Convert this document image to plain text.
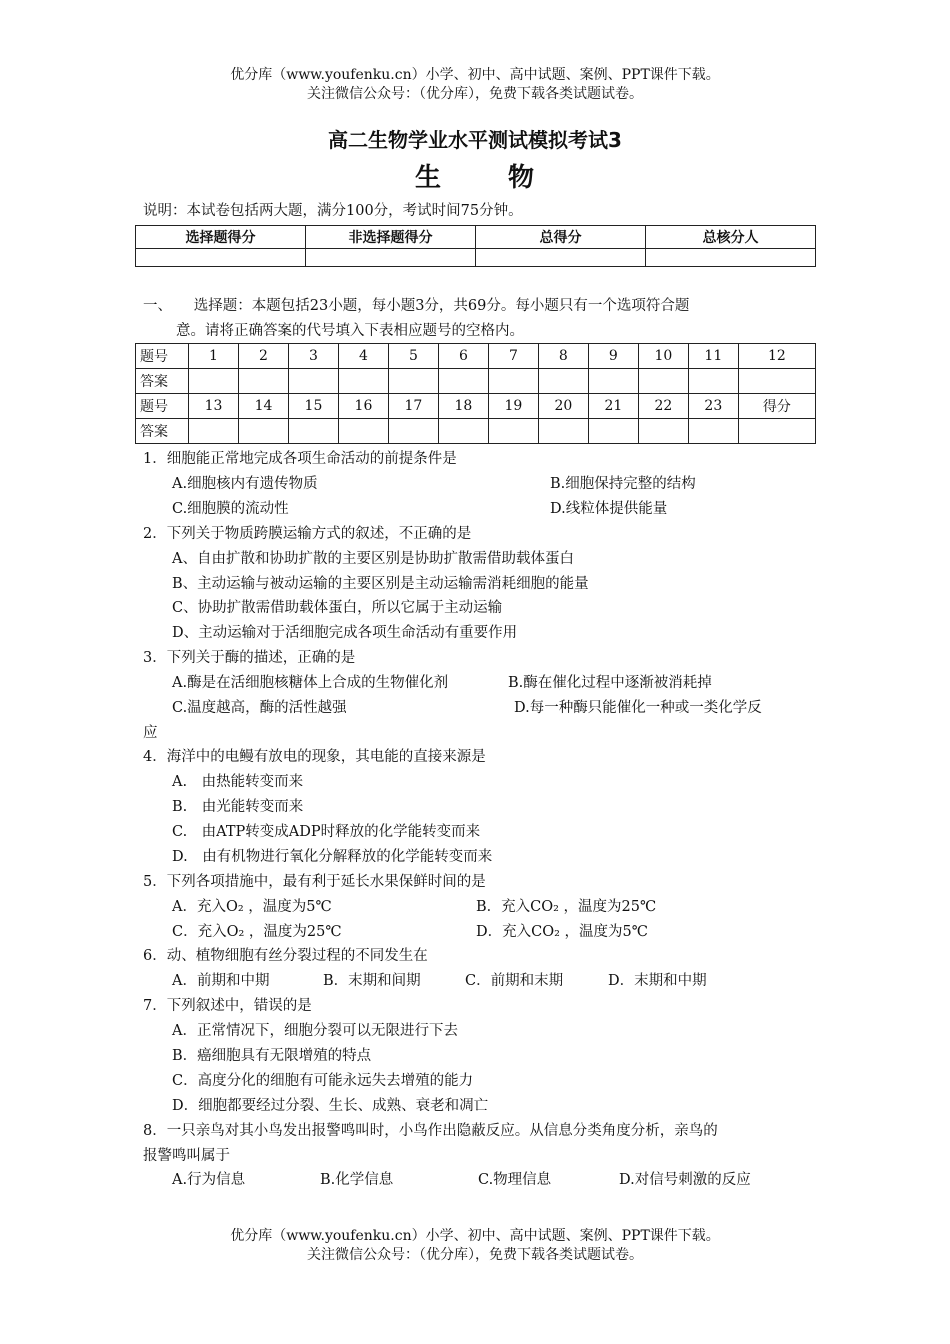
优分库（www.youfenku.cn）小学、初中、高中试题、案例、PPT课件下载。
关注微信公众号：（优分库），免费下载各类试题试卷。
高二生物学业水平测试模拟考试3
生	物
说明：本试卷包括两大题，满分100分，考试时间75分钟。
选择题得分	非选择题得分	总得分	总核分人

一、　　选择题：本题包括23小题，每小题3分，共69分。每小题只有一个选项符合题
意。请将正确答案的代号填入下表相应题号的空格内。
题号	1	2	3	4	5	6	7	8	9	10	11	12
答案												
题号	13	14	15	16	17	18	19	20	21	22	23	得分
答案												
1．细胞能正常地完成各项生命活动的前提条件是
A.细胞核内有遗传物质	B.细胞保持完整的结构
C.细胞膜的流动性	D.线粒体提供能量
2．下列关于物质跨膜运输方式的叙述，不正确的是
A、自由扩散和协助扩散的主要区别是协助扩散需借助载体蛋白
B、主动运输与被动运输的主要区别是主动运输需消耗细胞的能量
C、协助扩散需借助载体蛋白，所以它属于主动运输
D、主动运输对于活细胞完成各项生命活动有重要作用
3．下列关于酶的描述，正确的是
A.酶是在活细胞核糖体上合成的生物催化剂	B.酶在催化过程中逐渐被消耗掉
C.温度越高，酶的活性越强	D.每一种酶只能催化一种或一类化学反
应
4．海洋中的电鳗有放电的现象，其电能的直接来源是
A.　由热能转变而来
B.　由光能转变而来
C.　由ATP转变成ADP时释放的化学能转变而来
D.　由有机物进行氧化分解释放的化学能转变而来
5．下列各项措施中，最有利于延长水果保鲜时间的是
A．充入O₂ ，温度为5℃	B．充入CO₂ ，温度为25℃
C．充入O₂ ，温度为25℃	D．充入CO₂ ，温度为5℃
6．动、植物细胞有丝分裂过程的不同发生在
A．前期和中期	B．末期和间期	C．前期和末期	D．末期和中期
7．下列叙述中，错误的是
A．正常情况下，细胞分裂可以无限进行下去
B．癌细胞具有无限增殖的特点
C．高度分化的细胞有可能永远失去增殖的能力
D．细胞都要经过分裂、生长、成熟、衰老和凋亡
8．一只亲鸟对其小鸟发出报警鸣叫时，小鸟作出隐蔽反应。从信息分类角度分析，亲鸟的
报警鸣叫属于
A.行为信息	B.化学信息	C.物理信息	D.对信号刺激的反应
优分库（www.youfenku.cn）小学、初中、高中试题、案例、PPT课件下载。
关注微信公众号：（优分库），免费下载各类试题试卷。
